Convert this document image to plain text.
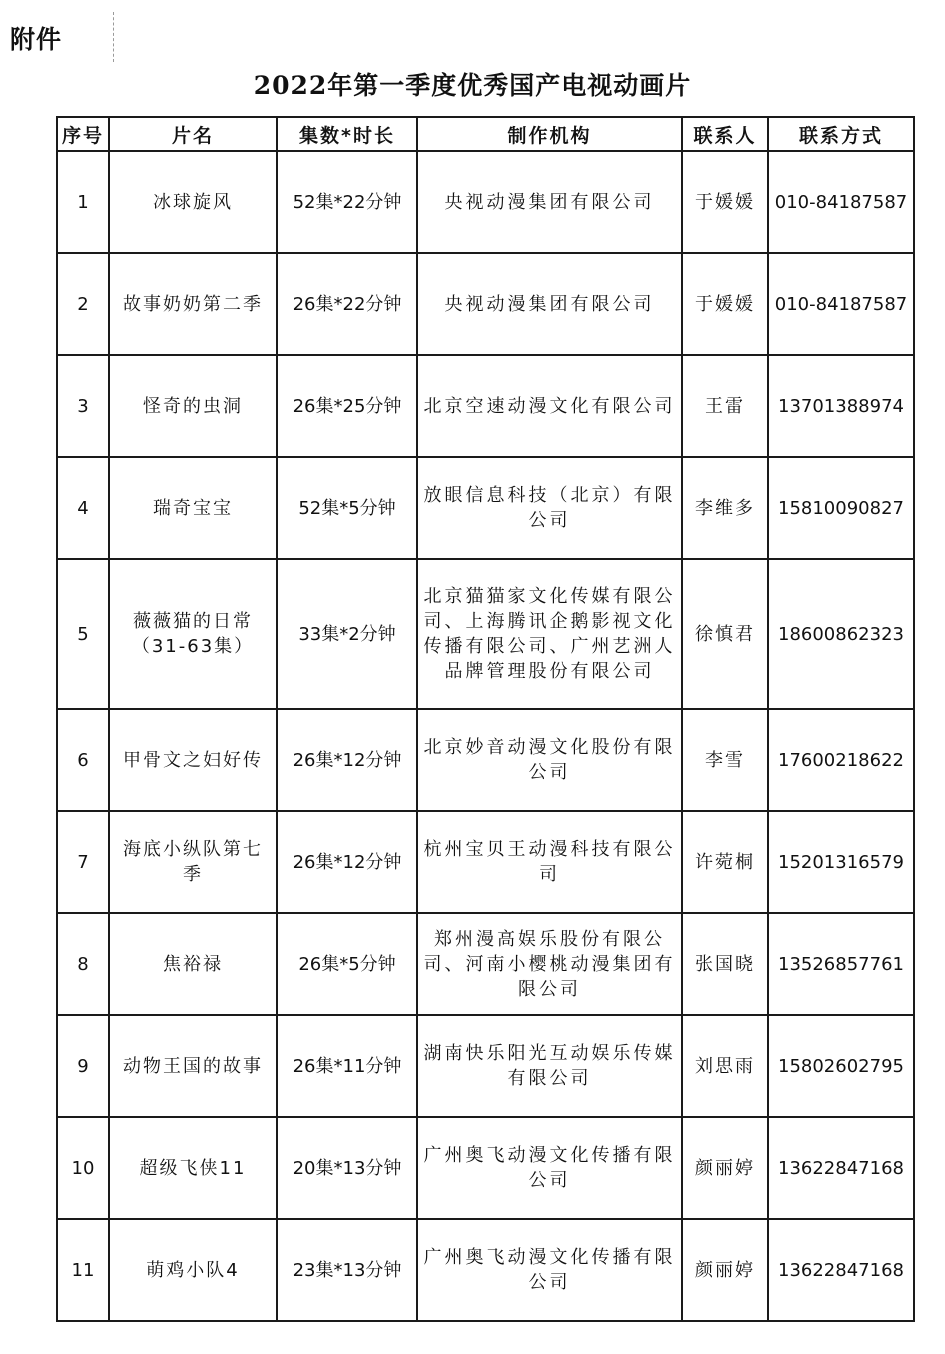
附件
2022年第一季度优秀国产电视动画片
序号	片名	集数*时长	制作机构	联系人	联系方式
1	冰球旋风	52集*22分钟	央视动漫集团有限公司	于媛媛	010-84187587
2	故事奶奶第二季	26集*22分钟	央视动漫集团有限公司	于媛媛	010-84187587
3	怪奇的虫洞	26集*25分钟	北京空速动漫文化有限公司	王雷	13701388974
4	瑞奇宝宝	52集*5分钟	放眼信息科技（北京）有限公司	李维多	15810090827
5	薇薇猫的日常（31-63集）	33集*2分钟	北京猫猫家文化传媒有限公司、上海腾讯企鹅影视文化传播有限公司、广州艺洲人品牌管理股份有限公司	徐慎君	18600862323
6	甲骨文之妇好传	26集*12分钟	北京妙音动漫文化股份有限公司	李雪	17600218622
7	海底小纵队第七季	26集*12分钟	杭州宝贝王动漫科技有限公司	许菀桐	15201316579
8	焦裕禄	26集*5分钟	郑州漫高娱乐股份有限公司、河南小樱桃动漫集团有限公司	张国晓	13526857761
9	动物王国的故事	26集*11分钟	湖南快乐阳光互动娱乐传媒有限公司	刘思雨	15802602795
10	超级飞侠11	20集*13分钟	广州奥飞动漫文化传播有限公司	颜丽婷	13622847168
11	萌鸡小队4	23集*13分钟	广州奥飞动漫文化传播有限公司	颜丽婷	13622847168
